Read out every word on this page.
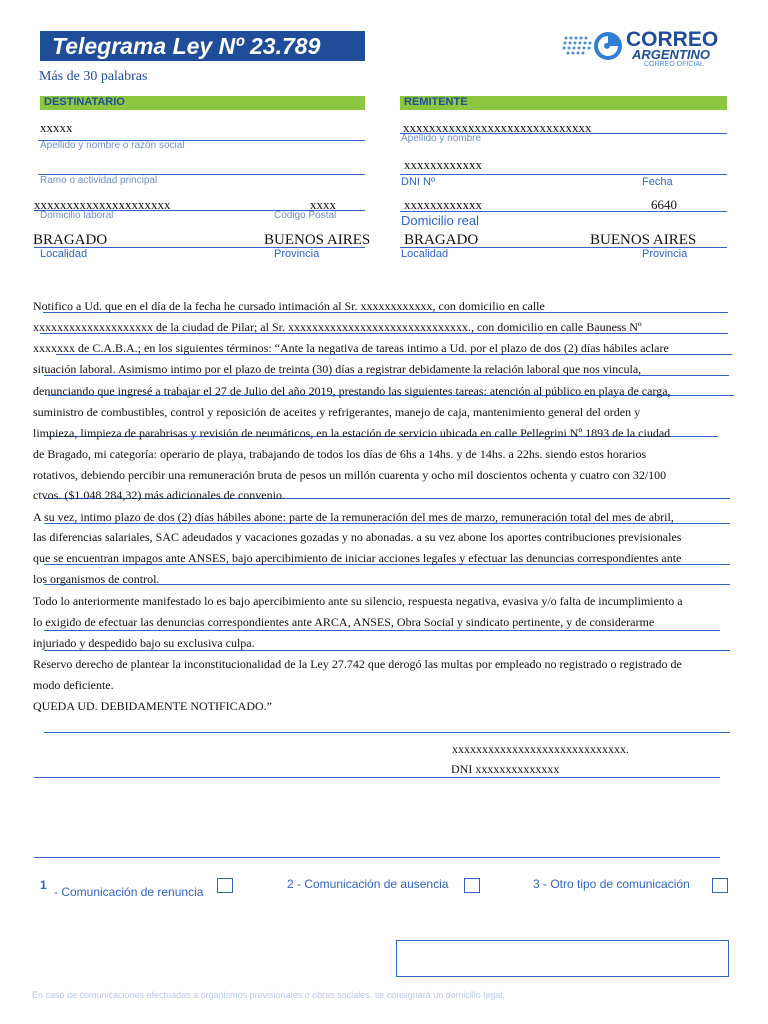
Telegrama Ley Nº 23.789
Más de 30 palabras
CORREO
ARGENTINO
CORREO OFICIAL
DESTINATARIO
xxxxx
Apellido y nombre o razón social
Ramo o actividad principal
xxxxxxxxxxxxxxxxxxxxx	xxxx
Domicilio laboral	Código Postal
BRAGADO	BUENOS AIRES
Localidad	Provincia
REMITENTE
xxxxxxxxxxxxxxxxxxxxxxxxxxxxx
Apellido y nombre
xxxxxxxxxxxx
DNI Nº	Fecha
xxxxxxxxxxxx	6640
Domicilio real
BRAGADO	BUENOS AIRES
Localidad	Provincia
Notifico a Ud. que en el día de la fecha he cursado intimación al Sr. xxxxxxxxxxxx, con domicilio en calle
xxxxxxxxxxxxxxxxxxxx de la ciudad de Pilar; al Sr. xxxxxxxxxxxxxxxxxxxxxxxxxxxxxx., con domicilio en calle Bauness Nº
xxxxxxx de C.A.B.A.; en los siguientes términos: “Ante la negativa de tareas intimo a Ud. por el plazo de dos (2) días hábiles aclare
situación laboral. Asimismo intimo por el plazo de treinta (30) días a registrar debidamente la relación laboral que nos vincula,
denunciando que ingresé a trabajar el 27 de Julio del año 2019, prestando las siguientes tareas: atención al público en playa de carga,
suministro de combustibles, control y reposición de aceites y refrigerantes, manejo de caja, mantenimiento general del orden y
limpieza, limpieza de parabrisas y revisión de neumáticos, en la estación de servicio ubicada en calle Pellegrini Nº 1893 de la ciudad
de Bragado, mi categoría: operario de playa, trabajando de todos los días de 6hs a 14hs. y de 14hs. a 22hs. siendo estos horarios
rotativos, debiendo percibir una remuneración bruta de pesos un millón cuarenta y ocho mil doscientos ochenta y cuatro con 32/100
ctvos. ($1.048.284,32) más adicionales de convenio.
A su vez, intimo plazo de dos (2) días hábiles abone: parte de la remuneración del mes de marzo, remuneración total del mes de abril,
las diferencias salariales, SAC adeudados y vacaciones gozadas y no abonadas. a su vez abone los aportes contribuciones previsionales
que se encuentran impagos ante ANSES, bajo apercibimiento de iniciar acciones legales y efectuar las denuncias correspondientes ante
los organismos de control.
Todo lo anteriormente manifestado lo es bajo apercibimiento ante su silencio, respuesta negativa, evasiva y/o falta de incumplimiento a
lo exigido de efectuar las denuncias correspondientes ante ARCA, ANSES, Obra Social y sindicato pertinente, y de considerarme
injuriado y despedido bajo su exclusiva culpa.
Reservo derecho de plantear la inconstitucionalidad de la Ley 27.742 que derogó las multas por empleado no registrado o registrado de
modo deficiente.
QUEDA UD. DEBIDAMENTE NOTIFICADO.”
xxxxxxxxxxxxxxxxxxxxxxxxxxxxx.
DNI xxxxxxxxxxxxxx
1 - Comunicación de renuncia
2 - Comunicación de ausencia	3 - Otro tipo de comunicación
En caso de comunicaciones efectuadas a organismos previsionales o obras sociales, se consignará un domicilio legal.
